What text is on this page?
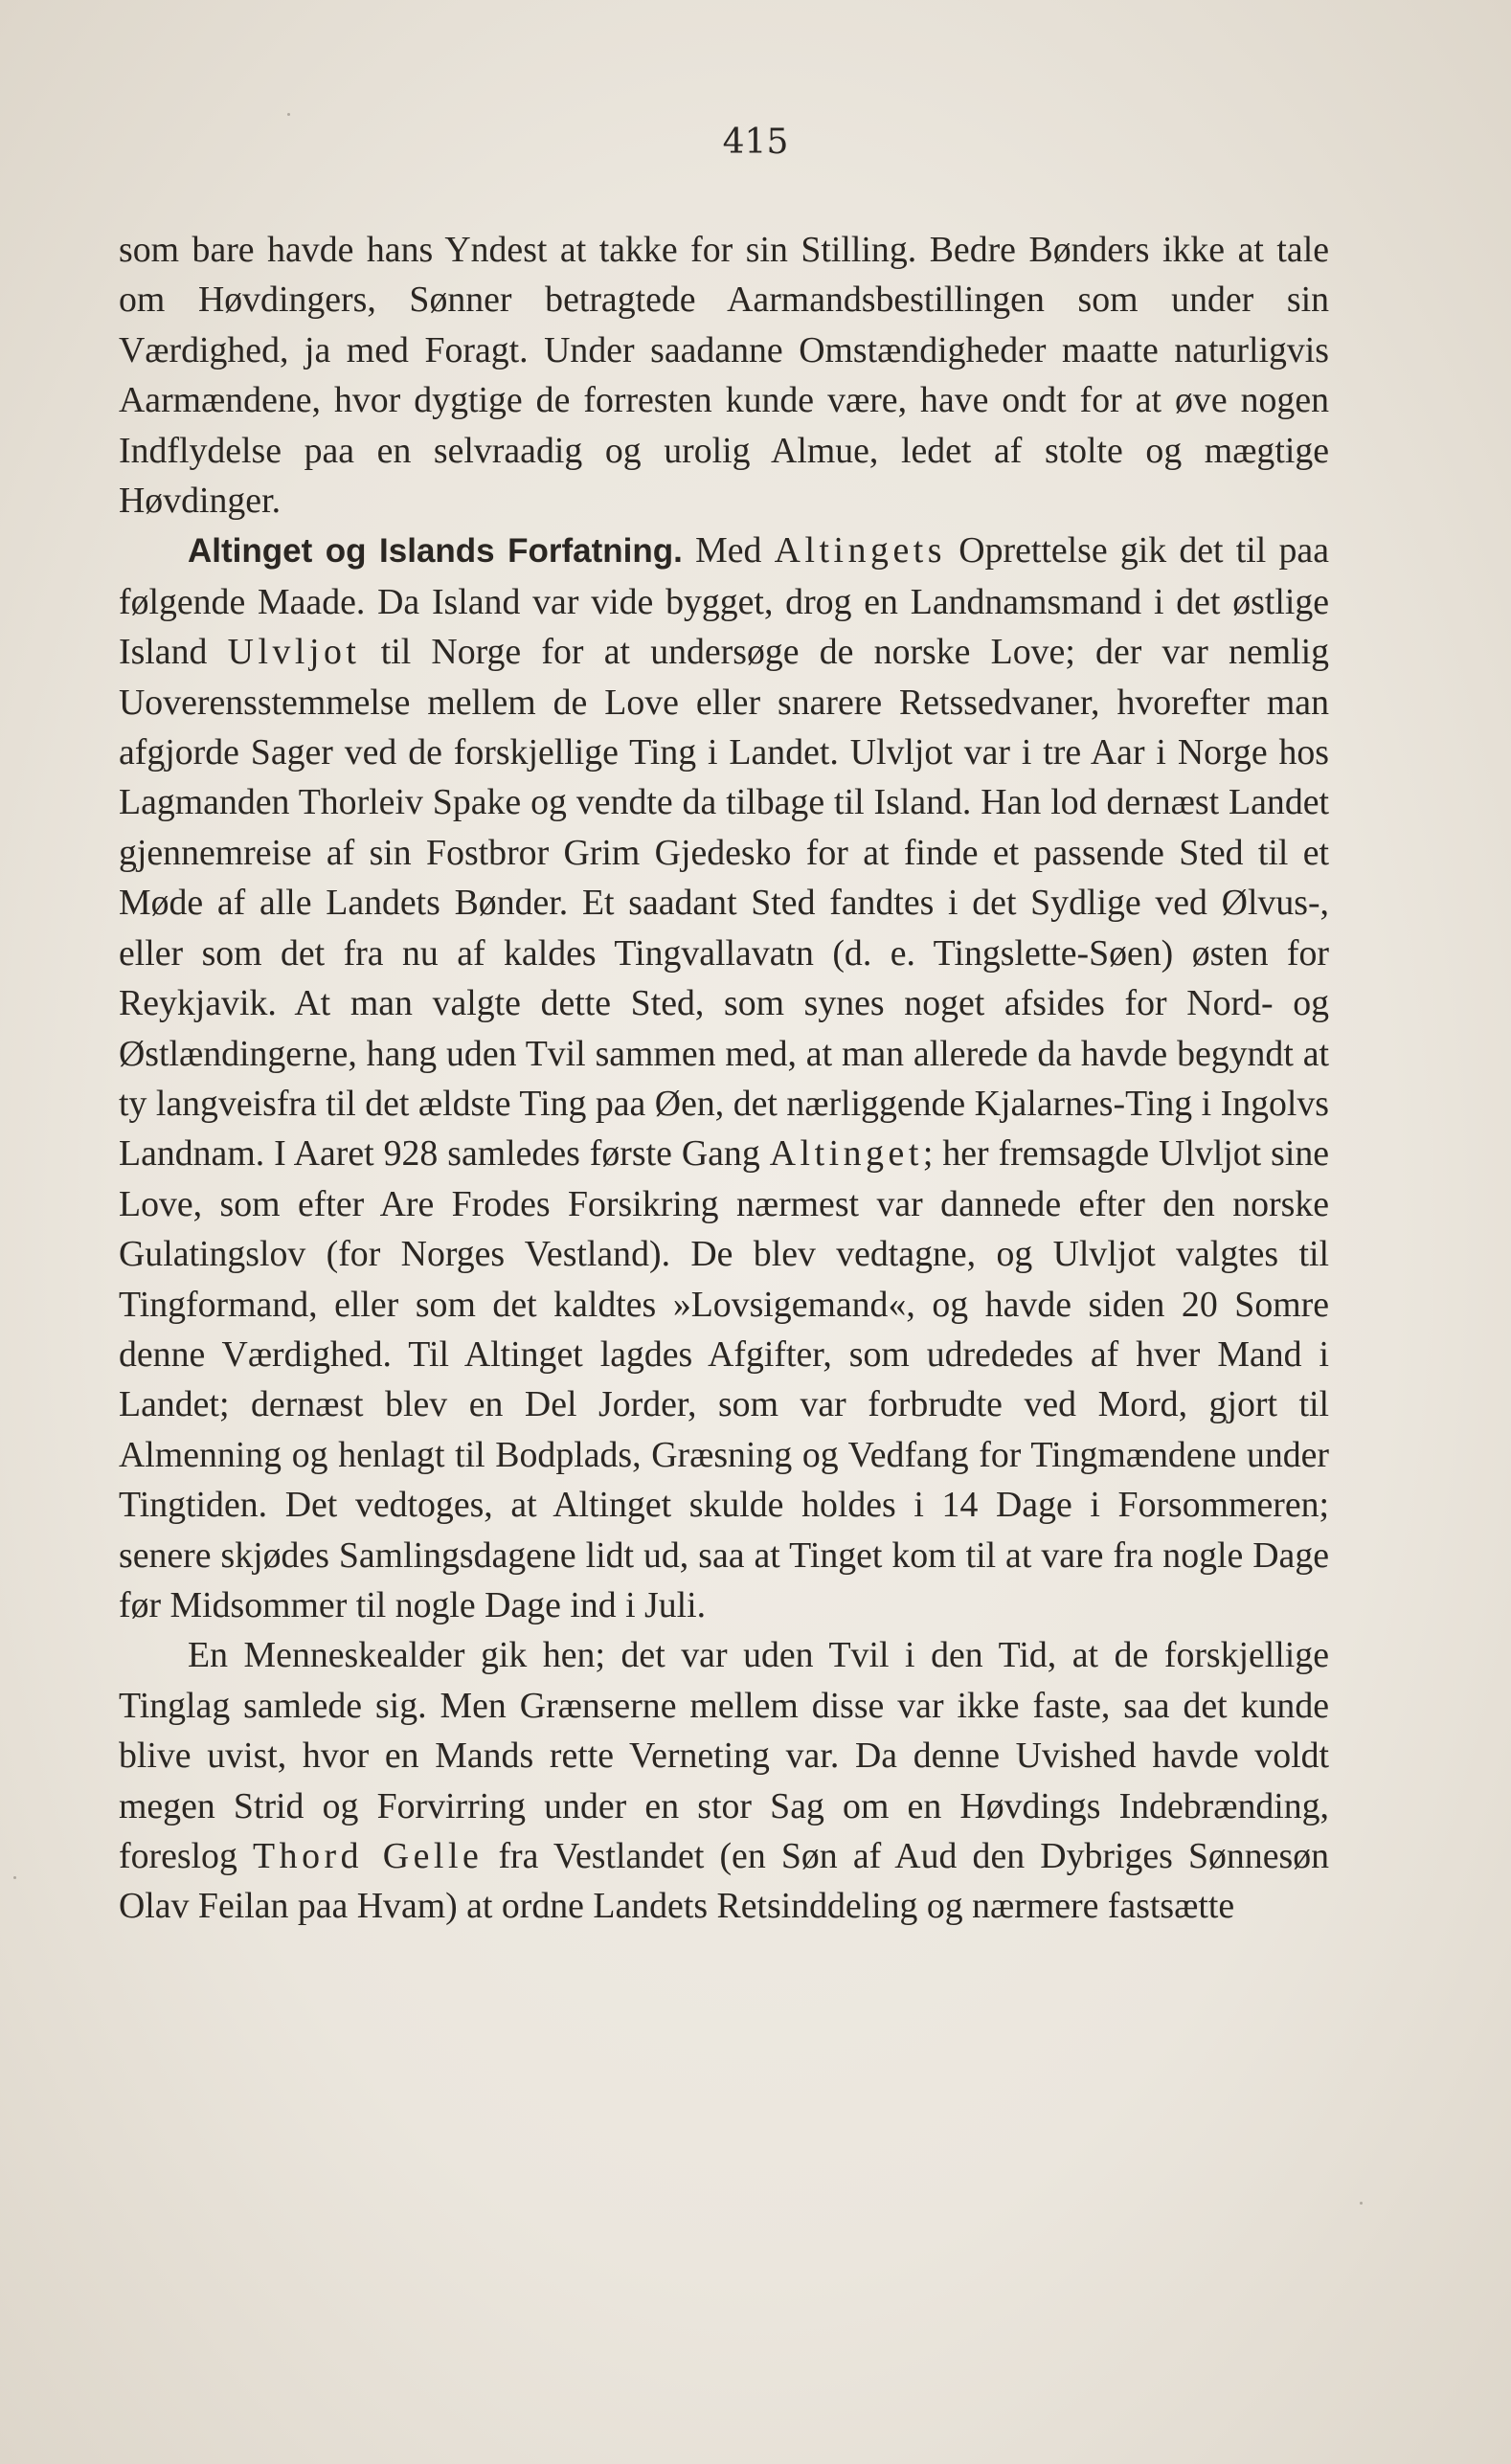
415

som bare havde hans Yndest at takke for sin Stilling. Bedre Bønders ikke at tale om Høvdingers, Sønner betragtede Aarmandsbestillingen som under sin Værdighed, ja med Foragt. Under saadanne Omstændigheder maatte naturligvis Aarmændene, hvor dygtige de forresten kunde være, have ondt for at øve nogen Indflydelse paa en selvraadig og urolig Almue, ledet af stolte og mægtige Høvdinger.

Altinget og Islands Forfatning. Med Altingets Oprettelse gik det til paa følgende Maade. Da Island var vide bygget, drog en Landnamsmand i det østlige Island Ulvljot til Norge for at undersøge de norske Love; der var nemlig Uoverensstemmelse mellem de Love eller snarere Retssedvaner, hvorefter man afgjorde Sager ved de forskjellige Ting i Landet. Ulvljot var i tre Aar i Norge hos Lagmanden Thorleiv Spake og vendte da tilbage til Island. Han lod dernæst Landet gjennemreise af sin Fostbror Grim Gjedesko for at finde et passende Sted til et Møde af alle Landets Bønder. Et saadant Sted fandtes i det Sydlige ved Ølvus-, eller som det fra nu af kaldes Tingvallavatn (d. e. Tingslette-Søen) østen for Reykjavik. At man valgte dette Sted, som synes noget afsides for Nord- og Østlændingerne, hang uden Tvil sammen med, at man allerede da havde begyndt at ty langveisfra til det ældste Ting paa Øen, det nærliggende Kjalarnes-Ting i Ingolvs Landnam. I Aaret 928 samledes første Gang Altinget; her fremsagde Ulvljot sine Love, som efter Are Frodes Forsikring nærmest var dannede efter den norske Gulatingslov (for Norges Vestland). De blev vedtagne, og Ulvljot valgtes til Tingformand, eller som det kaldtes »Lovsigemand«, og havde siden 20 Somre denne Værdighed. Til Altinget lagdes Afgifter, som udrededes af hver Mand i Landet; dernæst blev en Del Jorder, som var forbrudte ved Mord, gjort til Almenning og henlagt til Bodplads, Græsning og Vedfang for Tingmændene under Tingtiden. Det vedtoges, at Altinget skulde holdes i 14 Dage i Forsommeren; senere skjødes Samlingsdagene lidt ud, saa at Tinget kom til at vare fra nogle Dage før Midsommer til nogle Dage ind i Juli.

En Menneskealder gik hen; det var uden Tvil i den Tid, at de forskjellige Tinglag samlede sig. Men Grænserne mellem disse var ikke faste, saa det kunde blive uvist, hvor en Mands rette Verneting var. Da denne Uvished havde voldt megen Strid og Forvirring under en stor Sag om en Høvdings Indebrænding, foreslog Thord Gelle fra Vestlandet (en Søn af Aud den Dybriges Sønnesøn Olav Feilan paa Hvam) at ordne Landets Retsinddeling og nærmere fastsætte
